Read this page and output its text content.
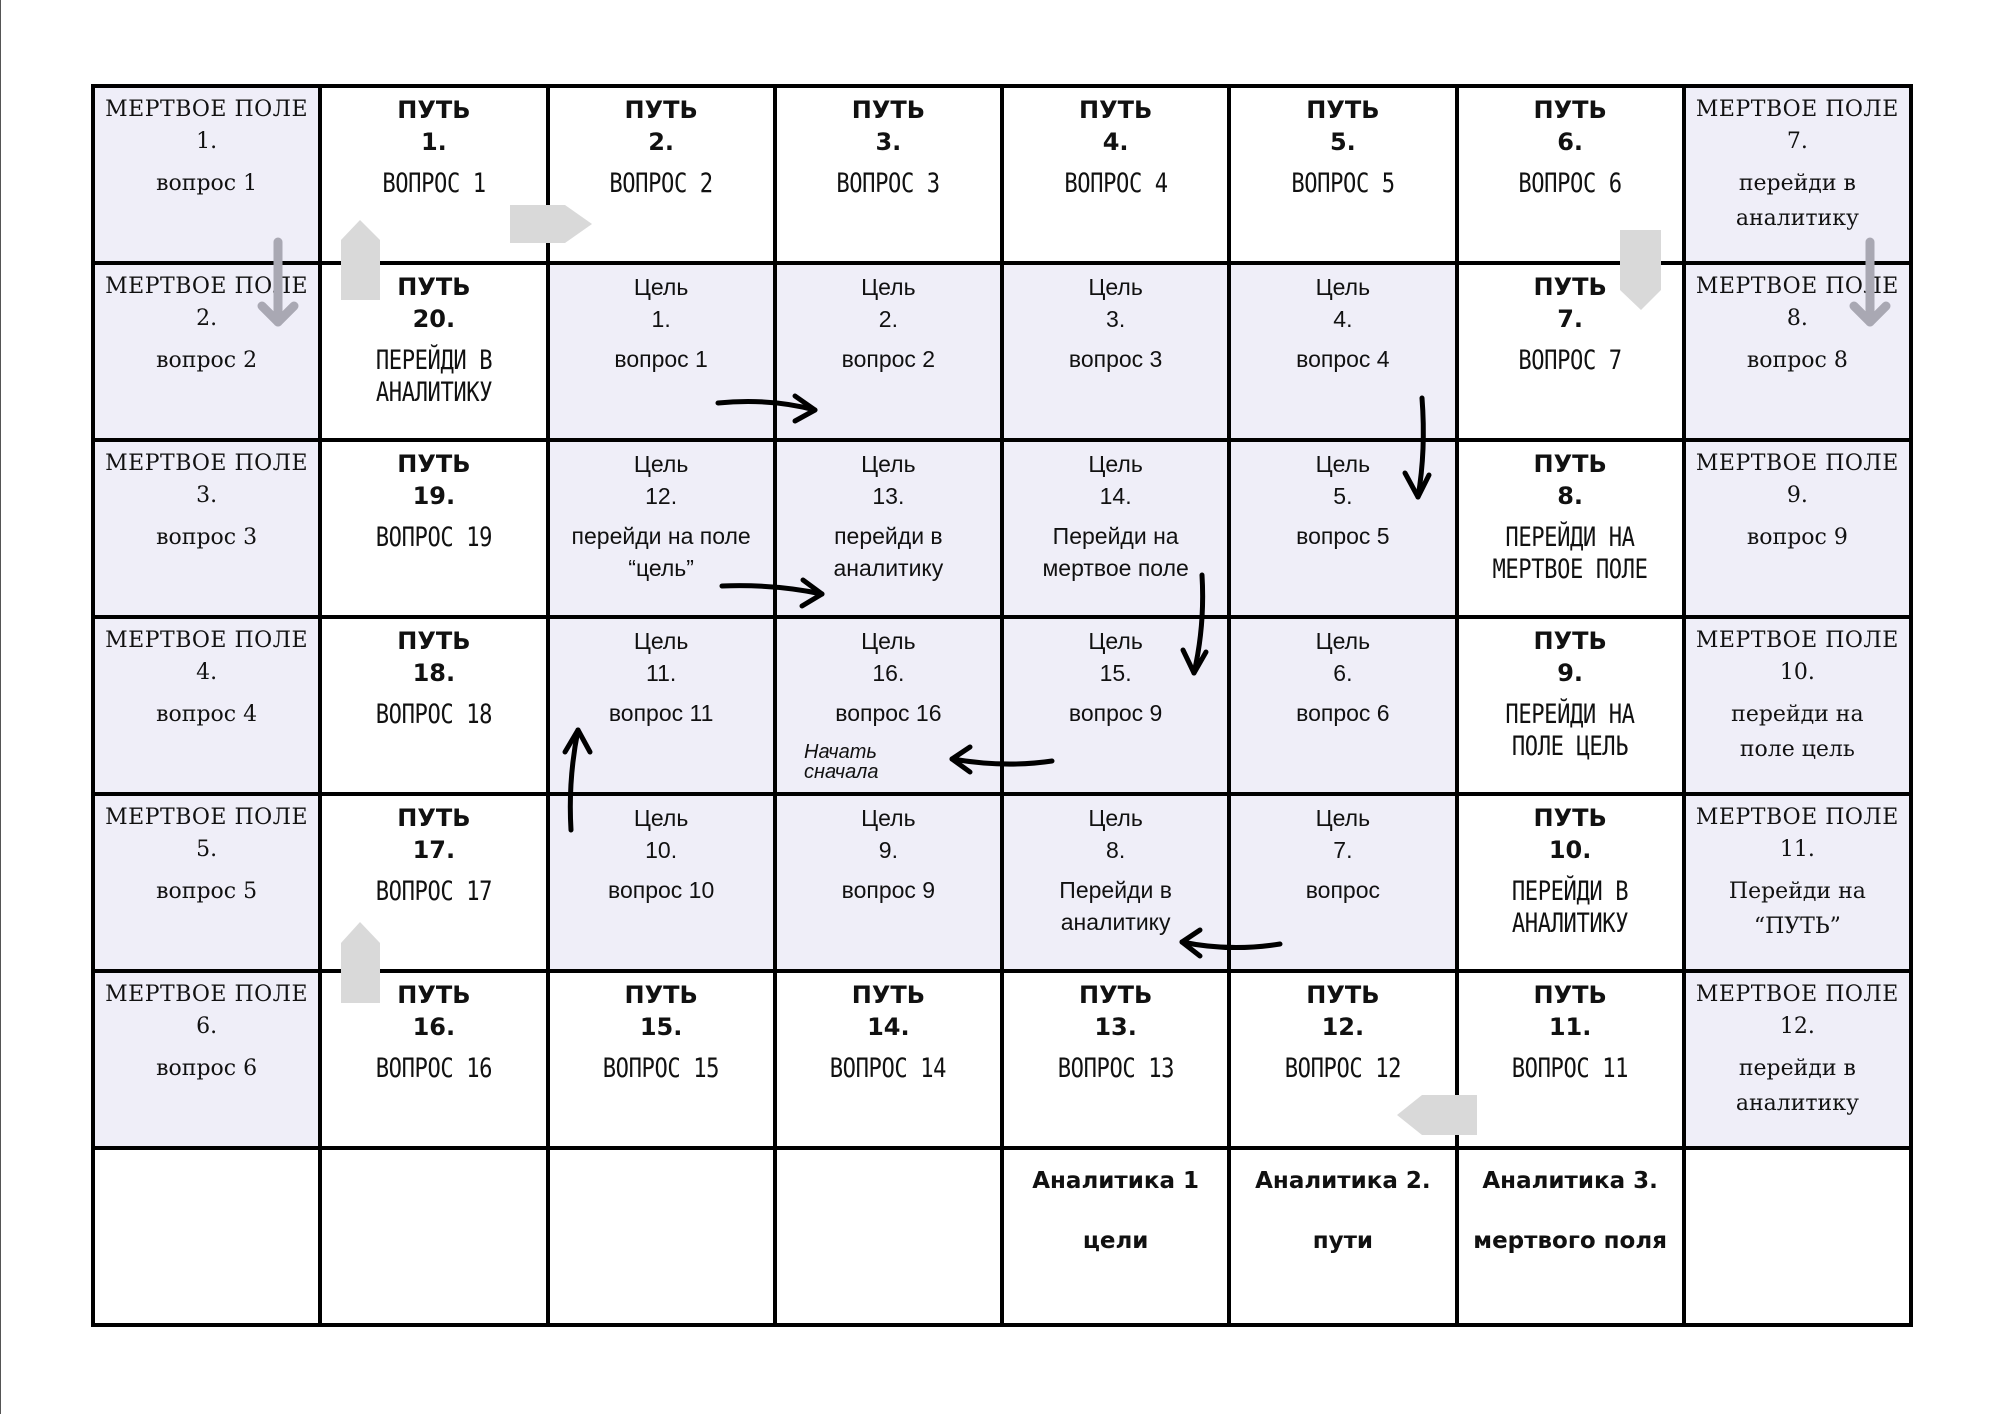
МЕРТВОЕ ПОЛЕ
1.
вопрос 1
ПУТЬ
1.
ВОПРОС 1
ПУТЬ
2.
ВОПРОС 2
ПУТЬ
3.
ВОПРОС 3
ПУТЬ
4.
ВОПРОС 4
ПУТЬ
5.
ВОПРОС 5
ПУТЬ
6.
ВОПРОС 6
МЕРТВОЕ ПОЛЕ
7.
перейди в аналитику
МЕРТВОЕ ПОЛЕ
2.
вопрос 2
ПУТЬ
20.
ПЕРЕЙДИ В АНАЛИТИКУ
Цель
1.
вопрос 1
Цель
2.
вопрос 2
Цель
3.
вопрос 3
Цель
4.
вопрос 4
ПУТЬ
7.
ВОПРОС 7
МЕРТВОЕ ПОЛЕ
8.
вопрос 8
МЕРТВОЕ ПОЛЕ
3.
вопрос 3
ПУТЬ
19.
ВОПРОС 19
Цель
12.
перейди на поле “цель”
Цель
13.
перейди в аналитику
Цель
14.
Перейди на мертвое поле
Цель
5.
вопрос 5
ПУТЬ
8.
ПЕРЕЙДИ НА МЕРТВОЕ ПОЛЕ
МЕРТВОЕ ПОЛЕ
9.
вопрос 9
МЕРТВОЕ ПОЛЕ
4.
вопрос 4
ПУТЬ
18.
ВОПРОС 18
Цель
11.
вопрос 11
Цель
16.
вопрос 16
Цель
15.
вопрос 9
Цель
6.
вопрос 6
ПУТЬ
9.
ПЕРЕЙДИ НА ПОЛЕ ЦЕЛЬ
МЕРТВОЕ ПОЛЕ
10.
перейди на поле цель
МЕРТВОЕ ПОЛЕ
5.
вопрос 5
ПУТЬ
17.
ВОПРОС 17
Цель
10.
вопрос 10
Цель
9.
вопрос 9
Цель
8.
Перейди в аналитику
Цель
7.
вопрос
ПУТЬ
10.
ПЕРЕЙДИ В АНАЛИТИКУ
МЕРТВОЕ ПОЛЕ
11.
Перейди на “ПУТЬ”
МЕРТВОЕ ПОЛЕ
6.
вопрос 6
ПУТЬ
16.
ВОПРОС 16
ПУТЬ
15.
ВОПРОС 15
ПУТЬ
14.
ВОПРОС 14
ПУТЬ
13.
ВОПРОС 13
ПУТЬ
12.
ВОПРОС 12
ПУТЬ
11.
ВОПРОС 11
МЕРТВОЕ ПОЛЕ
12.
перейди в аналитику
Аналитика 1
цели
Аналитика 2.
пути
Аналитика 3.
мертвого поля
Начать сначала
